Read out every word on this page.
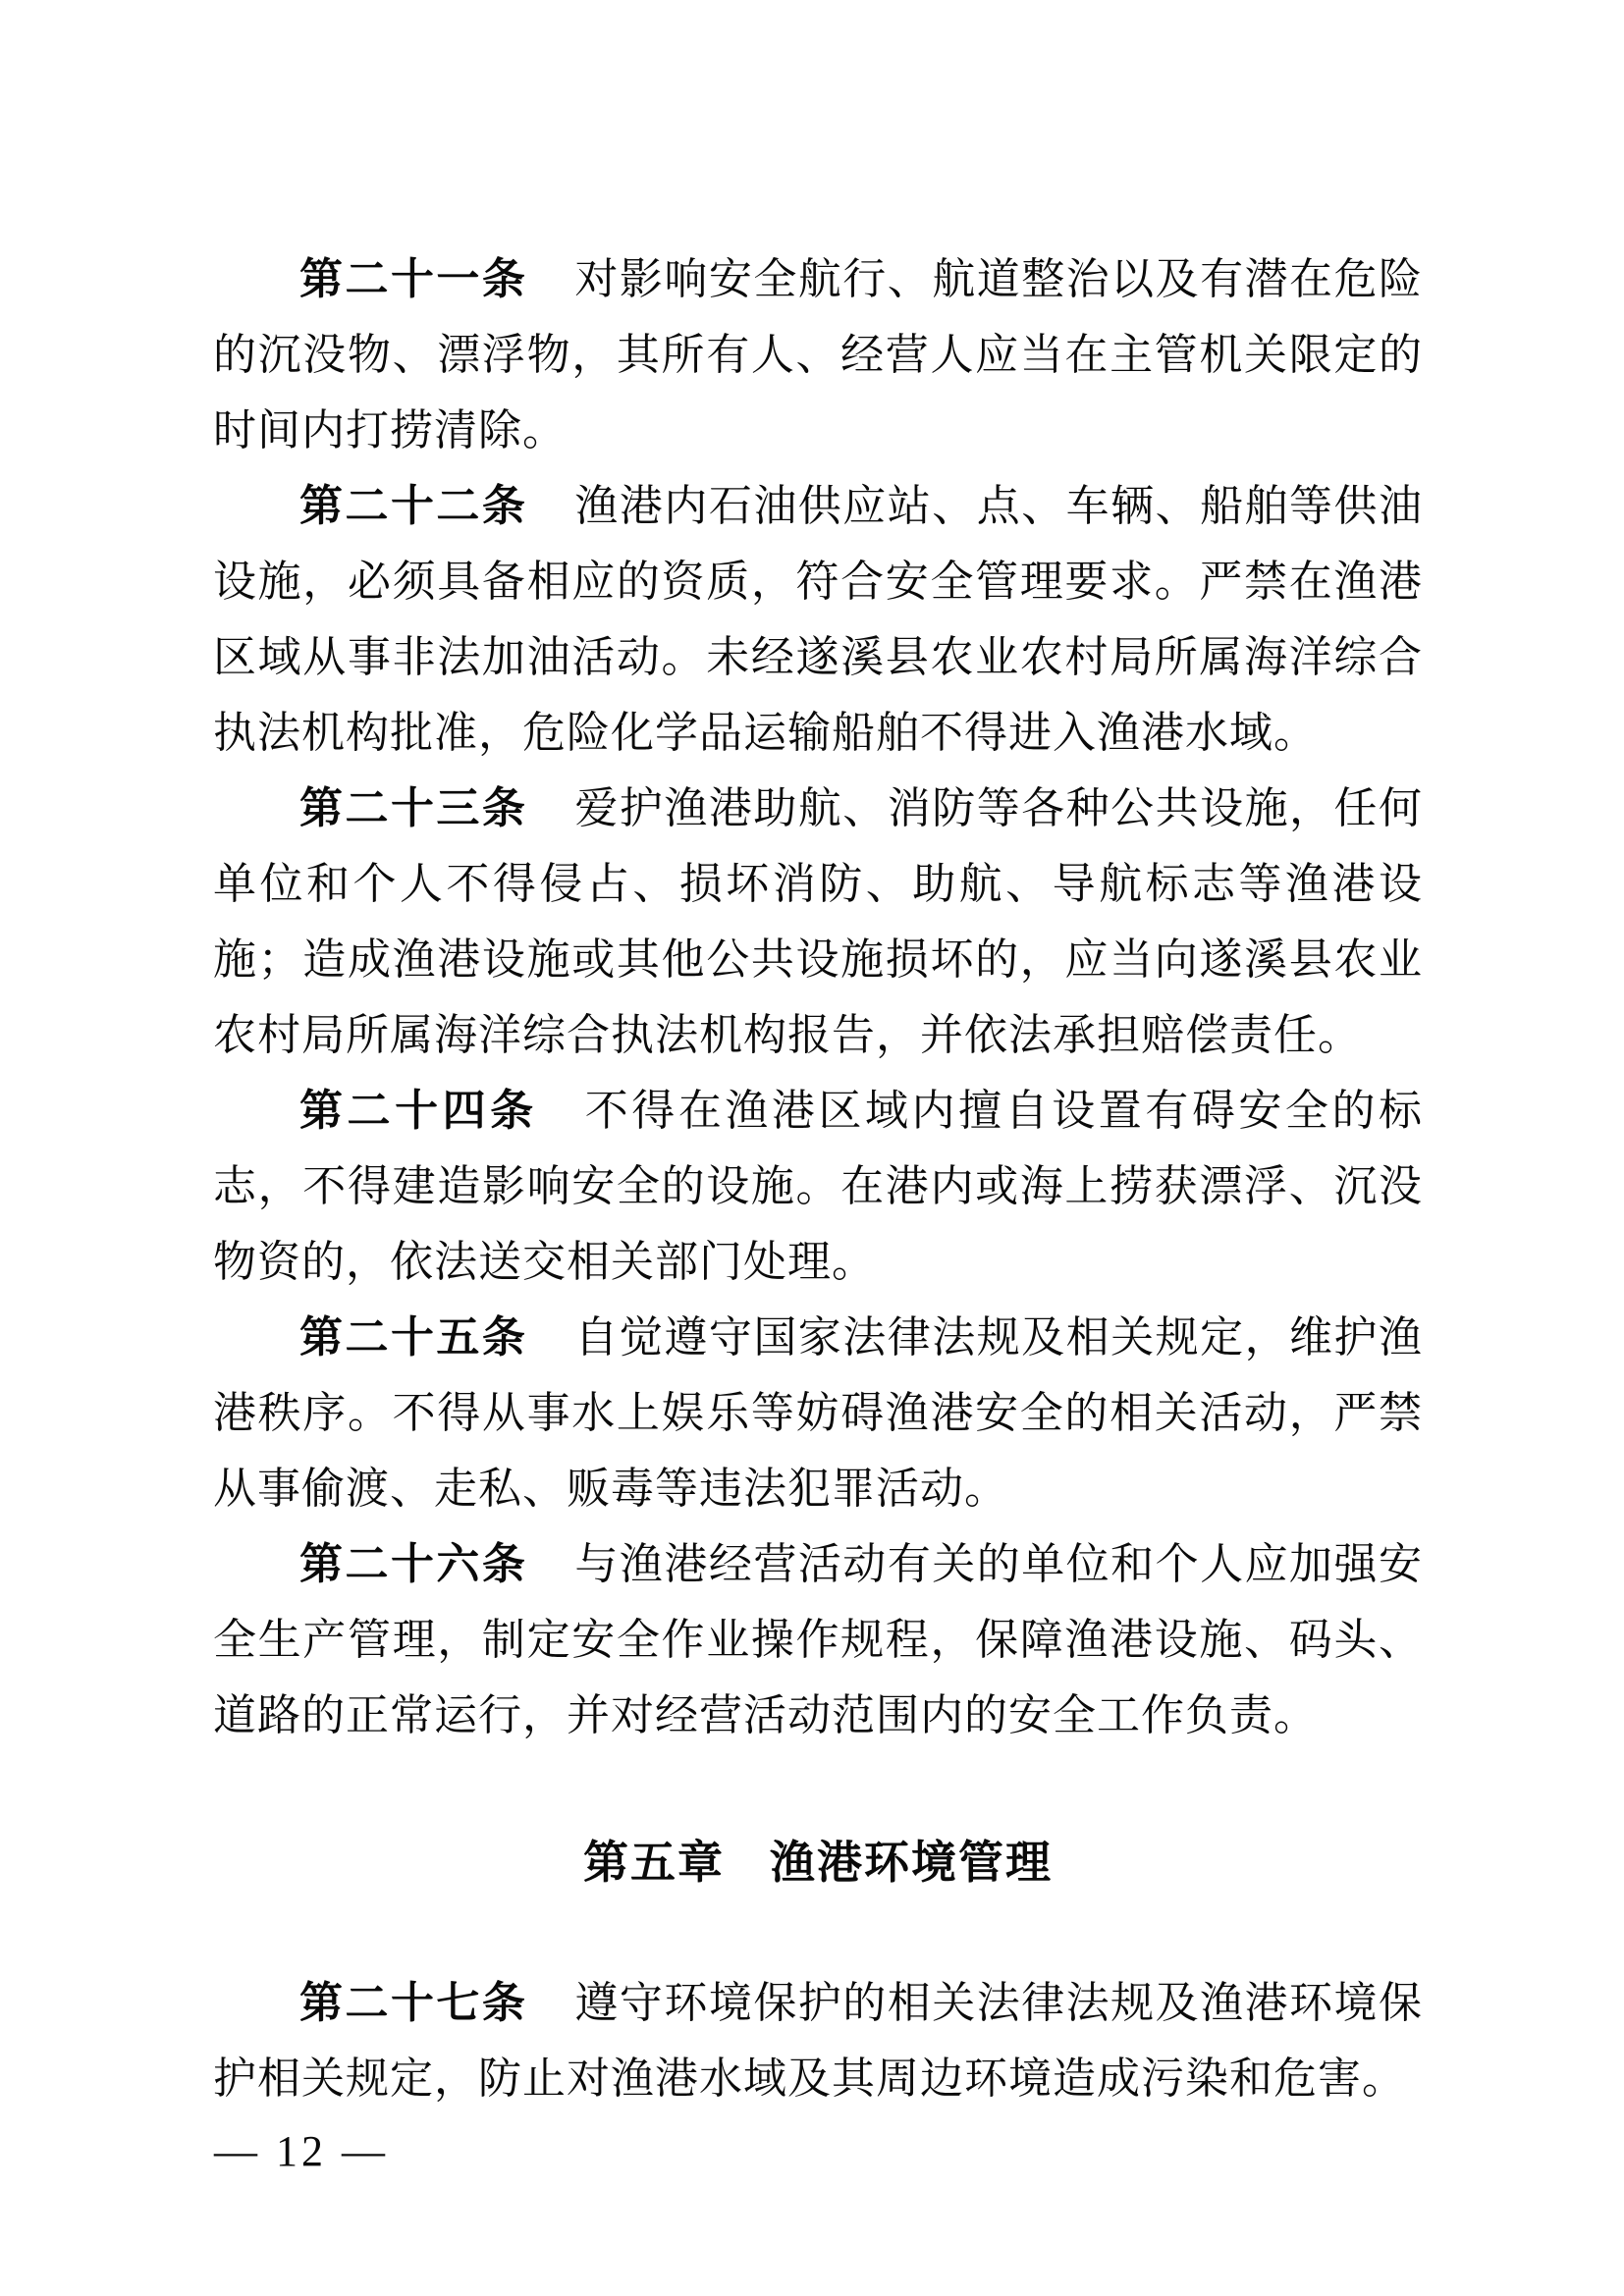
第二十一条 对影响安全航行、航道整治以及有潜在危险的沉没物、漂浮物，其所有人、经营人应当在主管机关限定的时间内打捞清除。

第二十二条 渔港内石油供应站、点、车辆、船舶等供油设施，必须具备相应的资质，符合安全管理要求。严禁在渔港区域从事非法加油活动。未经遂溪县农业农村局所属海洋综合执法机构批准，危险化学品运输船舶不得进入渔港水域。

第二十三条 爱护渔港助航、消防等各种公共设施，任何单位和个人不得侵占、损坏消防、助航、导航标志等渔港设施；造成渔港设施或其他公共设施损坏的，应当向遂溪县农业农村局所属海洋综合执法机构报告，并依法承担赔偿责任。

第二十四条 不得在渔港区域内擅自设置有碍安全的标志，不得建造影响安全的设施。在港内或海上捞获漂浮、沉没物资的，依法送交相关部门处理。

第二十五条 自觉遵守国家法律法规及相关规定，维护渔港秩序。不得从事水上娱乐等妨碍渔港安全的相关活动，严禁从事偷渡、走私、贩毒等违法犯罪活动。

第二十六条 与渔港经营活动有关的单位和个人应加强安全生产管理，制定安全作业操作规程，保障渔港设施、码头、道路的正常运行，并对经营活动范围内的安全工作负责。

第五章 渔港环境管理

第二十七条 遵守环境保护的相关法律法规及渔港环境保护相关规定，防止对渔港水域及其周边环境造成污染和危害。

— 12 —
